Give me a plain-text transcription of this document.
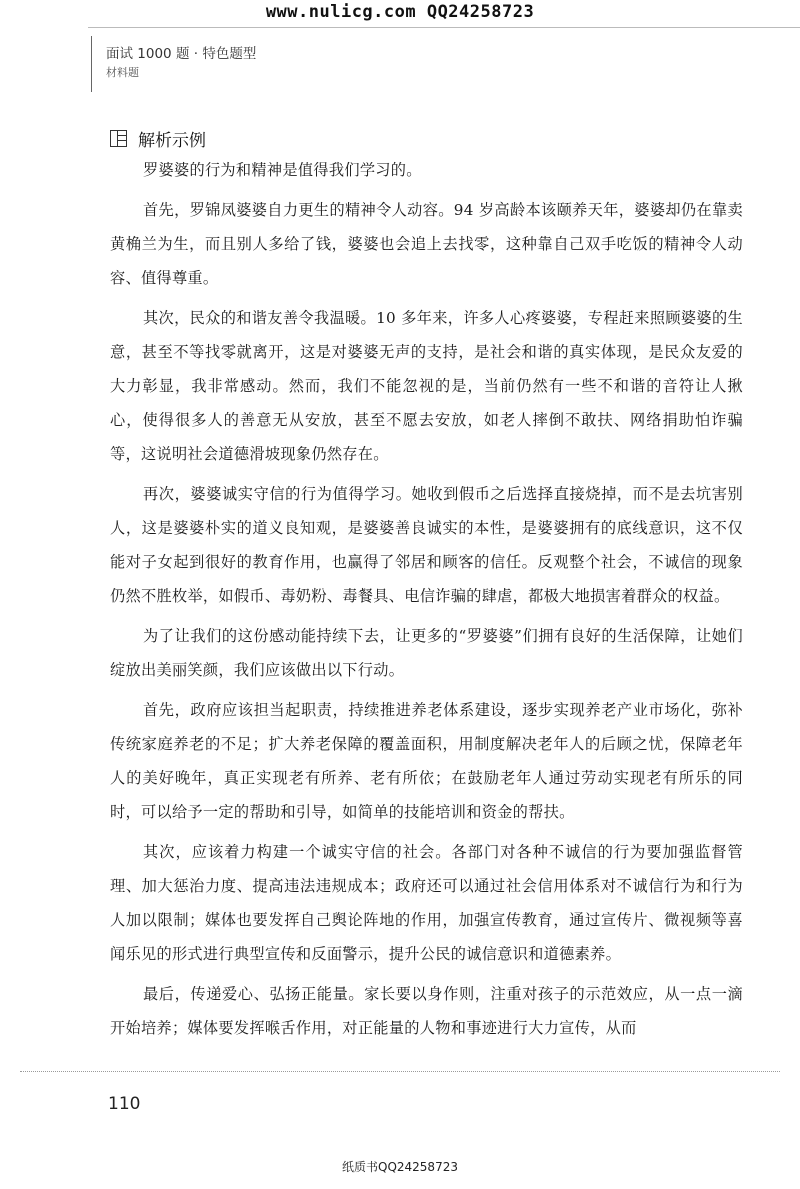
www.nulicg.com QQ24258723
面试 1000 题 · 特色题型
材料题
解析示例

罗婆婆的行为和精神是值得我们学习的。

首先，罗锦凤婆婆自力更生的精神令人动容。94 岁高龄本该颐养天年，婆婆却仍在靠卖黄桷兰为生，而且别人多给了钱，婆婆也会追上去找零，这种靠自己双手吃饭的精神令人动容、值得尊重。

其次，民众的和谐友善令我温暖。10 多年来，许多人心疼婆婆，专程赶来照顾婆婆的生意，甚至不等找零就离开，这是对婆婆无声的支持，是社会和谐的真实体现，是民众友爱的大力彰显，我非常感动。然而，我们不能忽视的是，当前仍然有一些不和谐的音符让人揪心，使得很多人的善意无从安放，甚至不愿去安放，如老人摔倒不敢扶、网络捐助怕诈骗等，这说明社会道德滑坡现象仍然存在。

再次，婆婆诚实守信的行为值得学习。她收到假币之后选择直接烧掉，而不是去坑害别人，这是婆婆朴实的道义良知观，是婆婆善良诚实的本性，是婆婆拥有的底线意识，这不仅能对子女起到很好的教育作用，也赢得了邻居和顾客的信任。反观整个社会，不诚信的现象仍然不胜枚举，如假币、毒奶粉、毒餐具、电信诈骗的肆虐，都极大地损害着群众的权益。

为了让我们的这份感动能持续下去，让更多的“罗婆婆”们拥有良好的生活保障，让她们绽放出美丽笑颜，我们应该做出以下行动。

首先，政府应该担当起职责，持续推进养老体系建设，逐步实现养老产业市场化，弥补传统家庭养老的不足；扩大养老保障的覆盖面积，用制度解决老年人的后顾之忧，保障老年人的美好晚年，真正实现老有所养、老有所依；在鼓励老年人通过劳动实现老有所乐的同时，可以给予一定的帮助和引导，如简单的技能培训和资金的帮扶。

其次，应该着力构建一个诚实守信的社会。各部门对各种不诚信的行为要加强监督管理、加大惩治力度、提高违法违规成本；政府还可以通过社会信用体系对不诚信行为和行为人加以限制；媒体也要发挥自己舆论阵地的作用，加强宣传教育，通过宣传片、微视频等喜闻乐见的形式进行典型宣传和反面警示，提升公民的诚信意识和道德素养。

最后，传递爱心、弘扬正能量。家长要以身作则，注重对孩子的示范效应，从一点一滴开始培养；媒体要发挥喉舌作用，对正能量的人物和事迹进行大力宣传，从而

110
纸质书QQ24258723
